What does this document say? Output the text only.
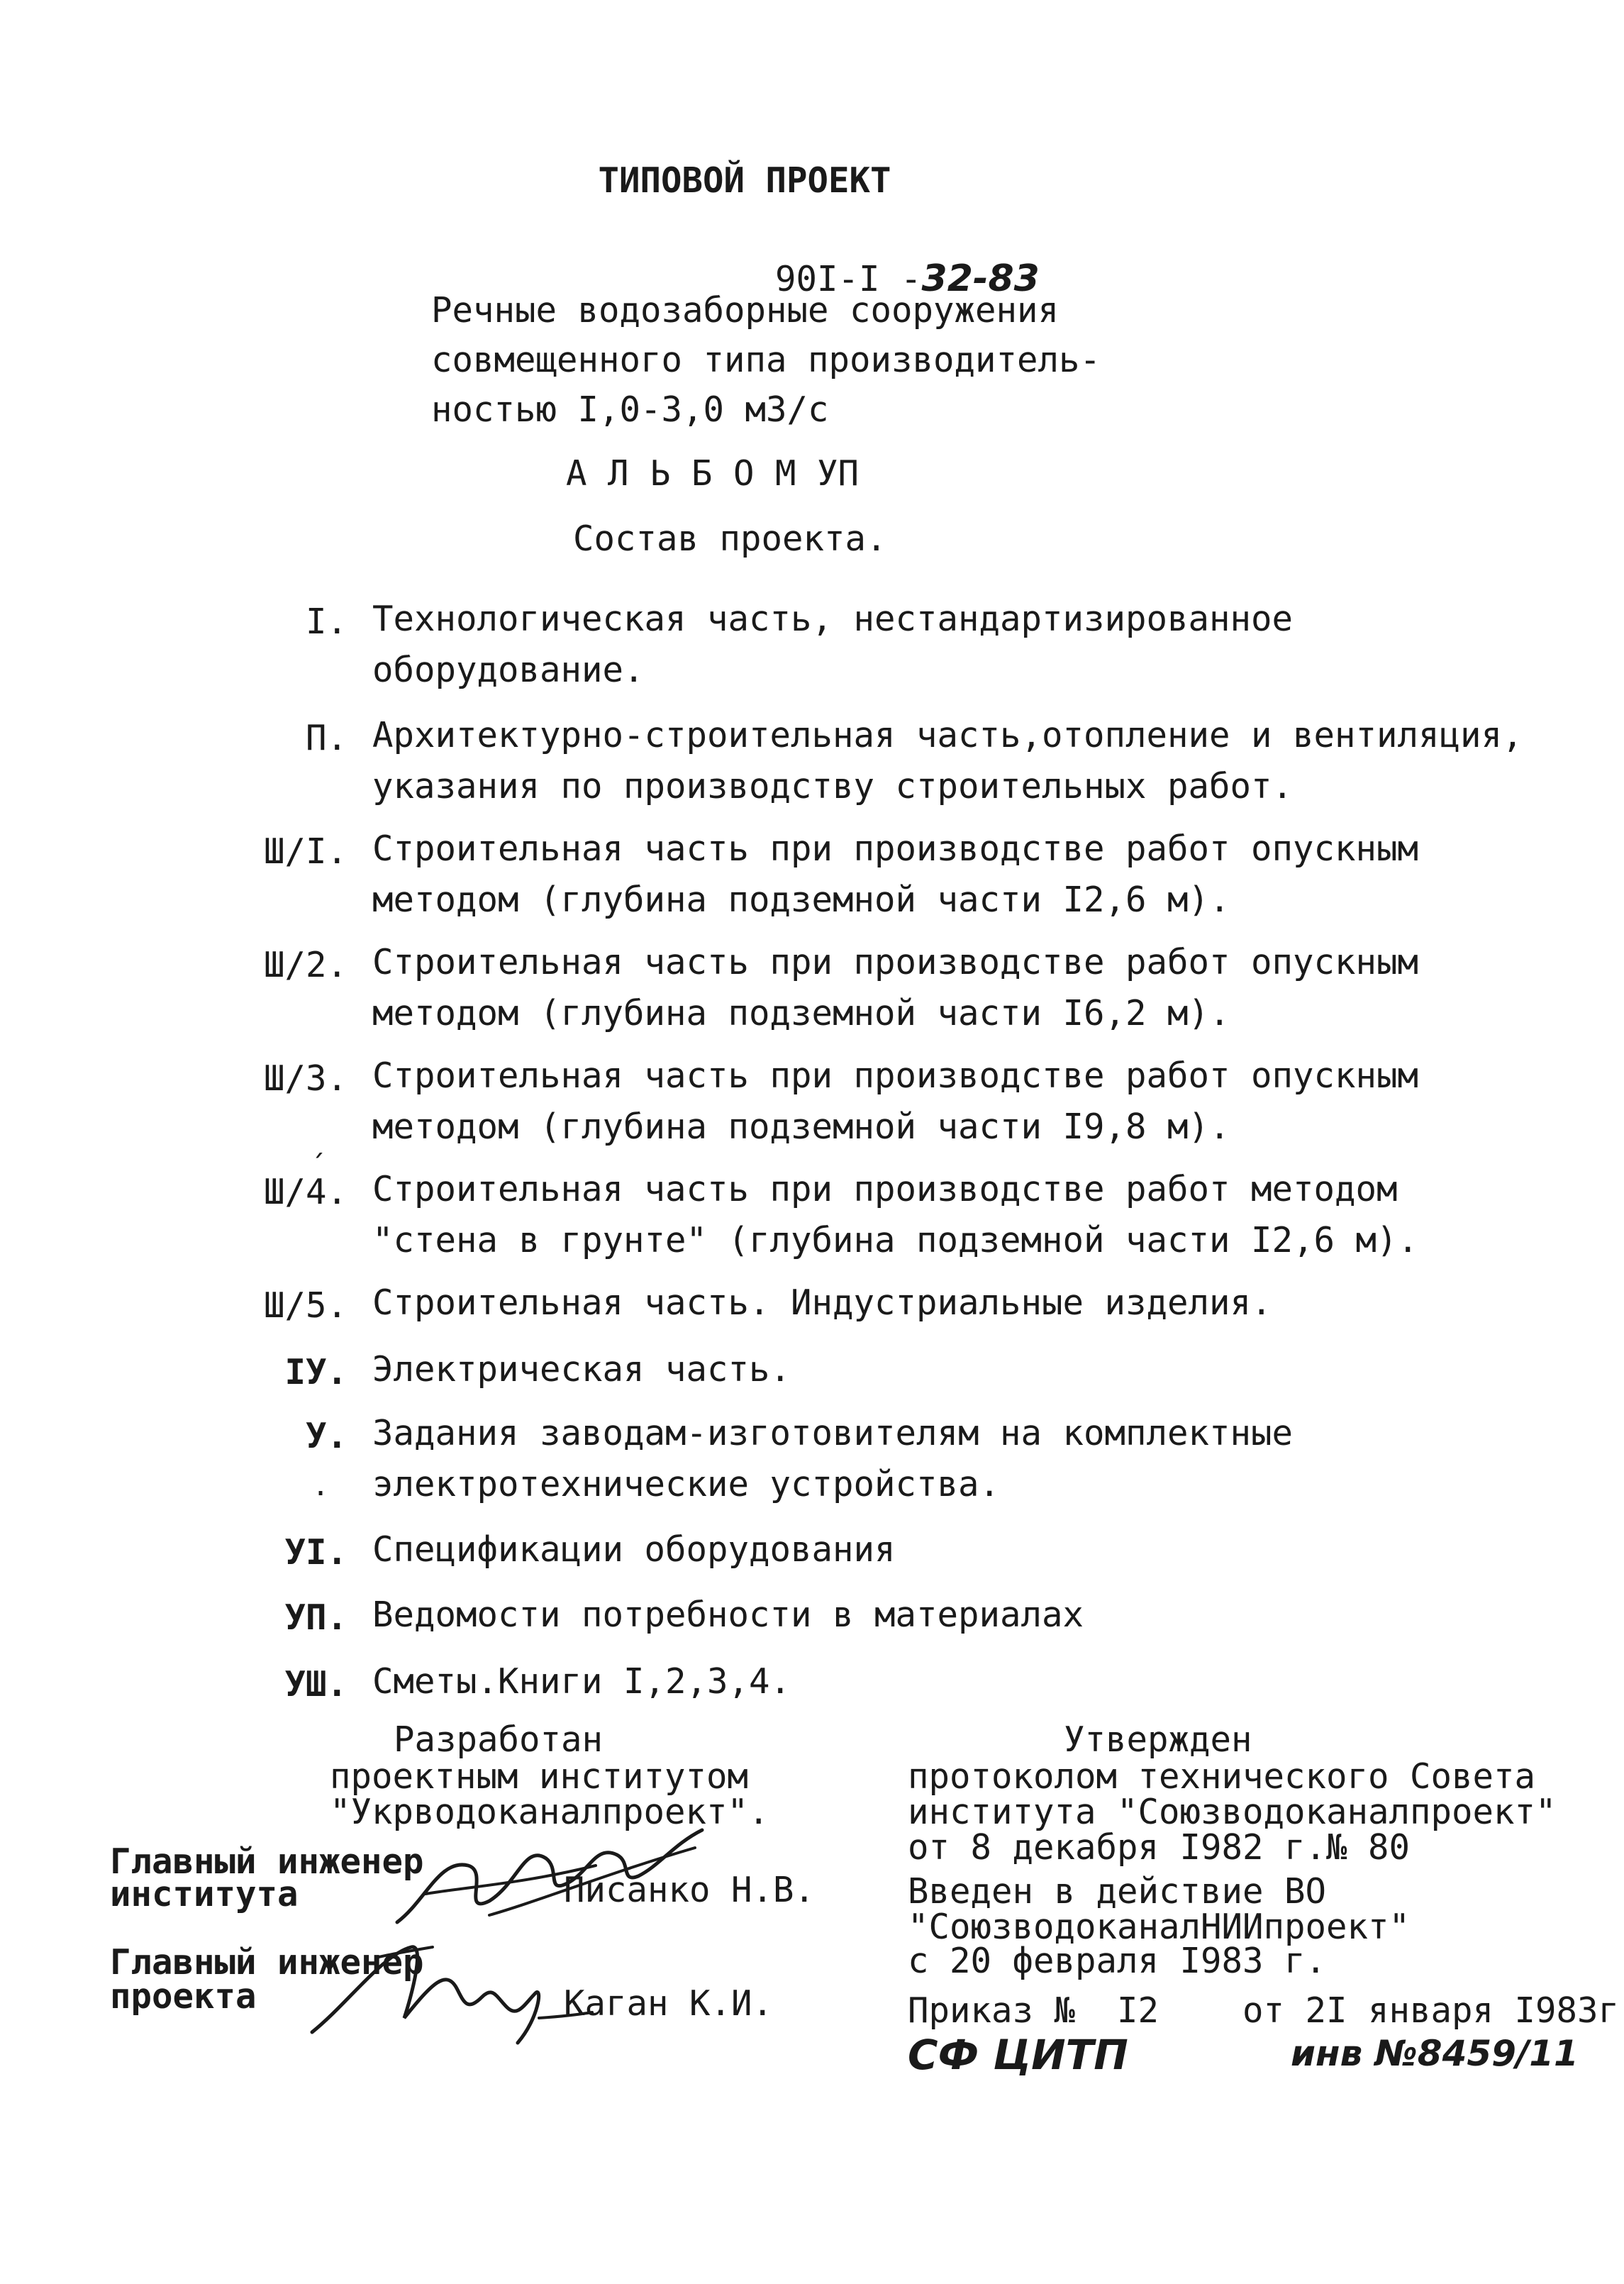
ТИПОВОЙ ПРОЕКТ

90I-I -32-83

Речные водозаборные сооружения
совмещенного типа производитель-
ностью I,0-3,0 м3/с
А Л Ь Б О М УП
Состав проекта.
I. Технологическая часть, нестандартизированное
оборудование.
П. Архитектурно-строительная часть,отопление и вентиляция,
указания по производству строительных работ.
Ш/I. Строительная часть при производстве работ опускным
методом (глубина подземной части I2,6 м).
Ш/2. Строительная часть при производстве работ опускным
методом (глубина подземной части I6,2 м).
Ш/3. Строительная часть при производстве работ опускным
методом (глубина подземной части I9,8 м).
Ш/4. Строительная часть при производстве работ методом
"стена в грунте" (глубина подземной части I2,6 м).
Ш/5. Строительная часть. Индустриальные изделия.
IУ. Электрическая часть.
У. Задания заводам-изготовителям на комплектные
электротехнические устройства.
УI. Спецификации оборудования
УП. Ведомости потребности в материалах
УШ. Сметы.Книги I,2,3,4.
Разработан
проектным институтом
"Укрводоканалпроект".
Главный инженер
института	Писанко Н.В.
Главный инженер
проекта	Каган К.И.
Утвержден
протоколом технического Совета
института "Союзводоканалпроект"
от 8 декабря I982 г.№ 80
Введен в действие ВО
"СоюзводоканалНИИпроект"
с 20 февраля I983 г.
Приказ №  I2    от 2I января I983г
СФ ЦИТП	инв №8459/11
ˏ
.
